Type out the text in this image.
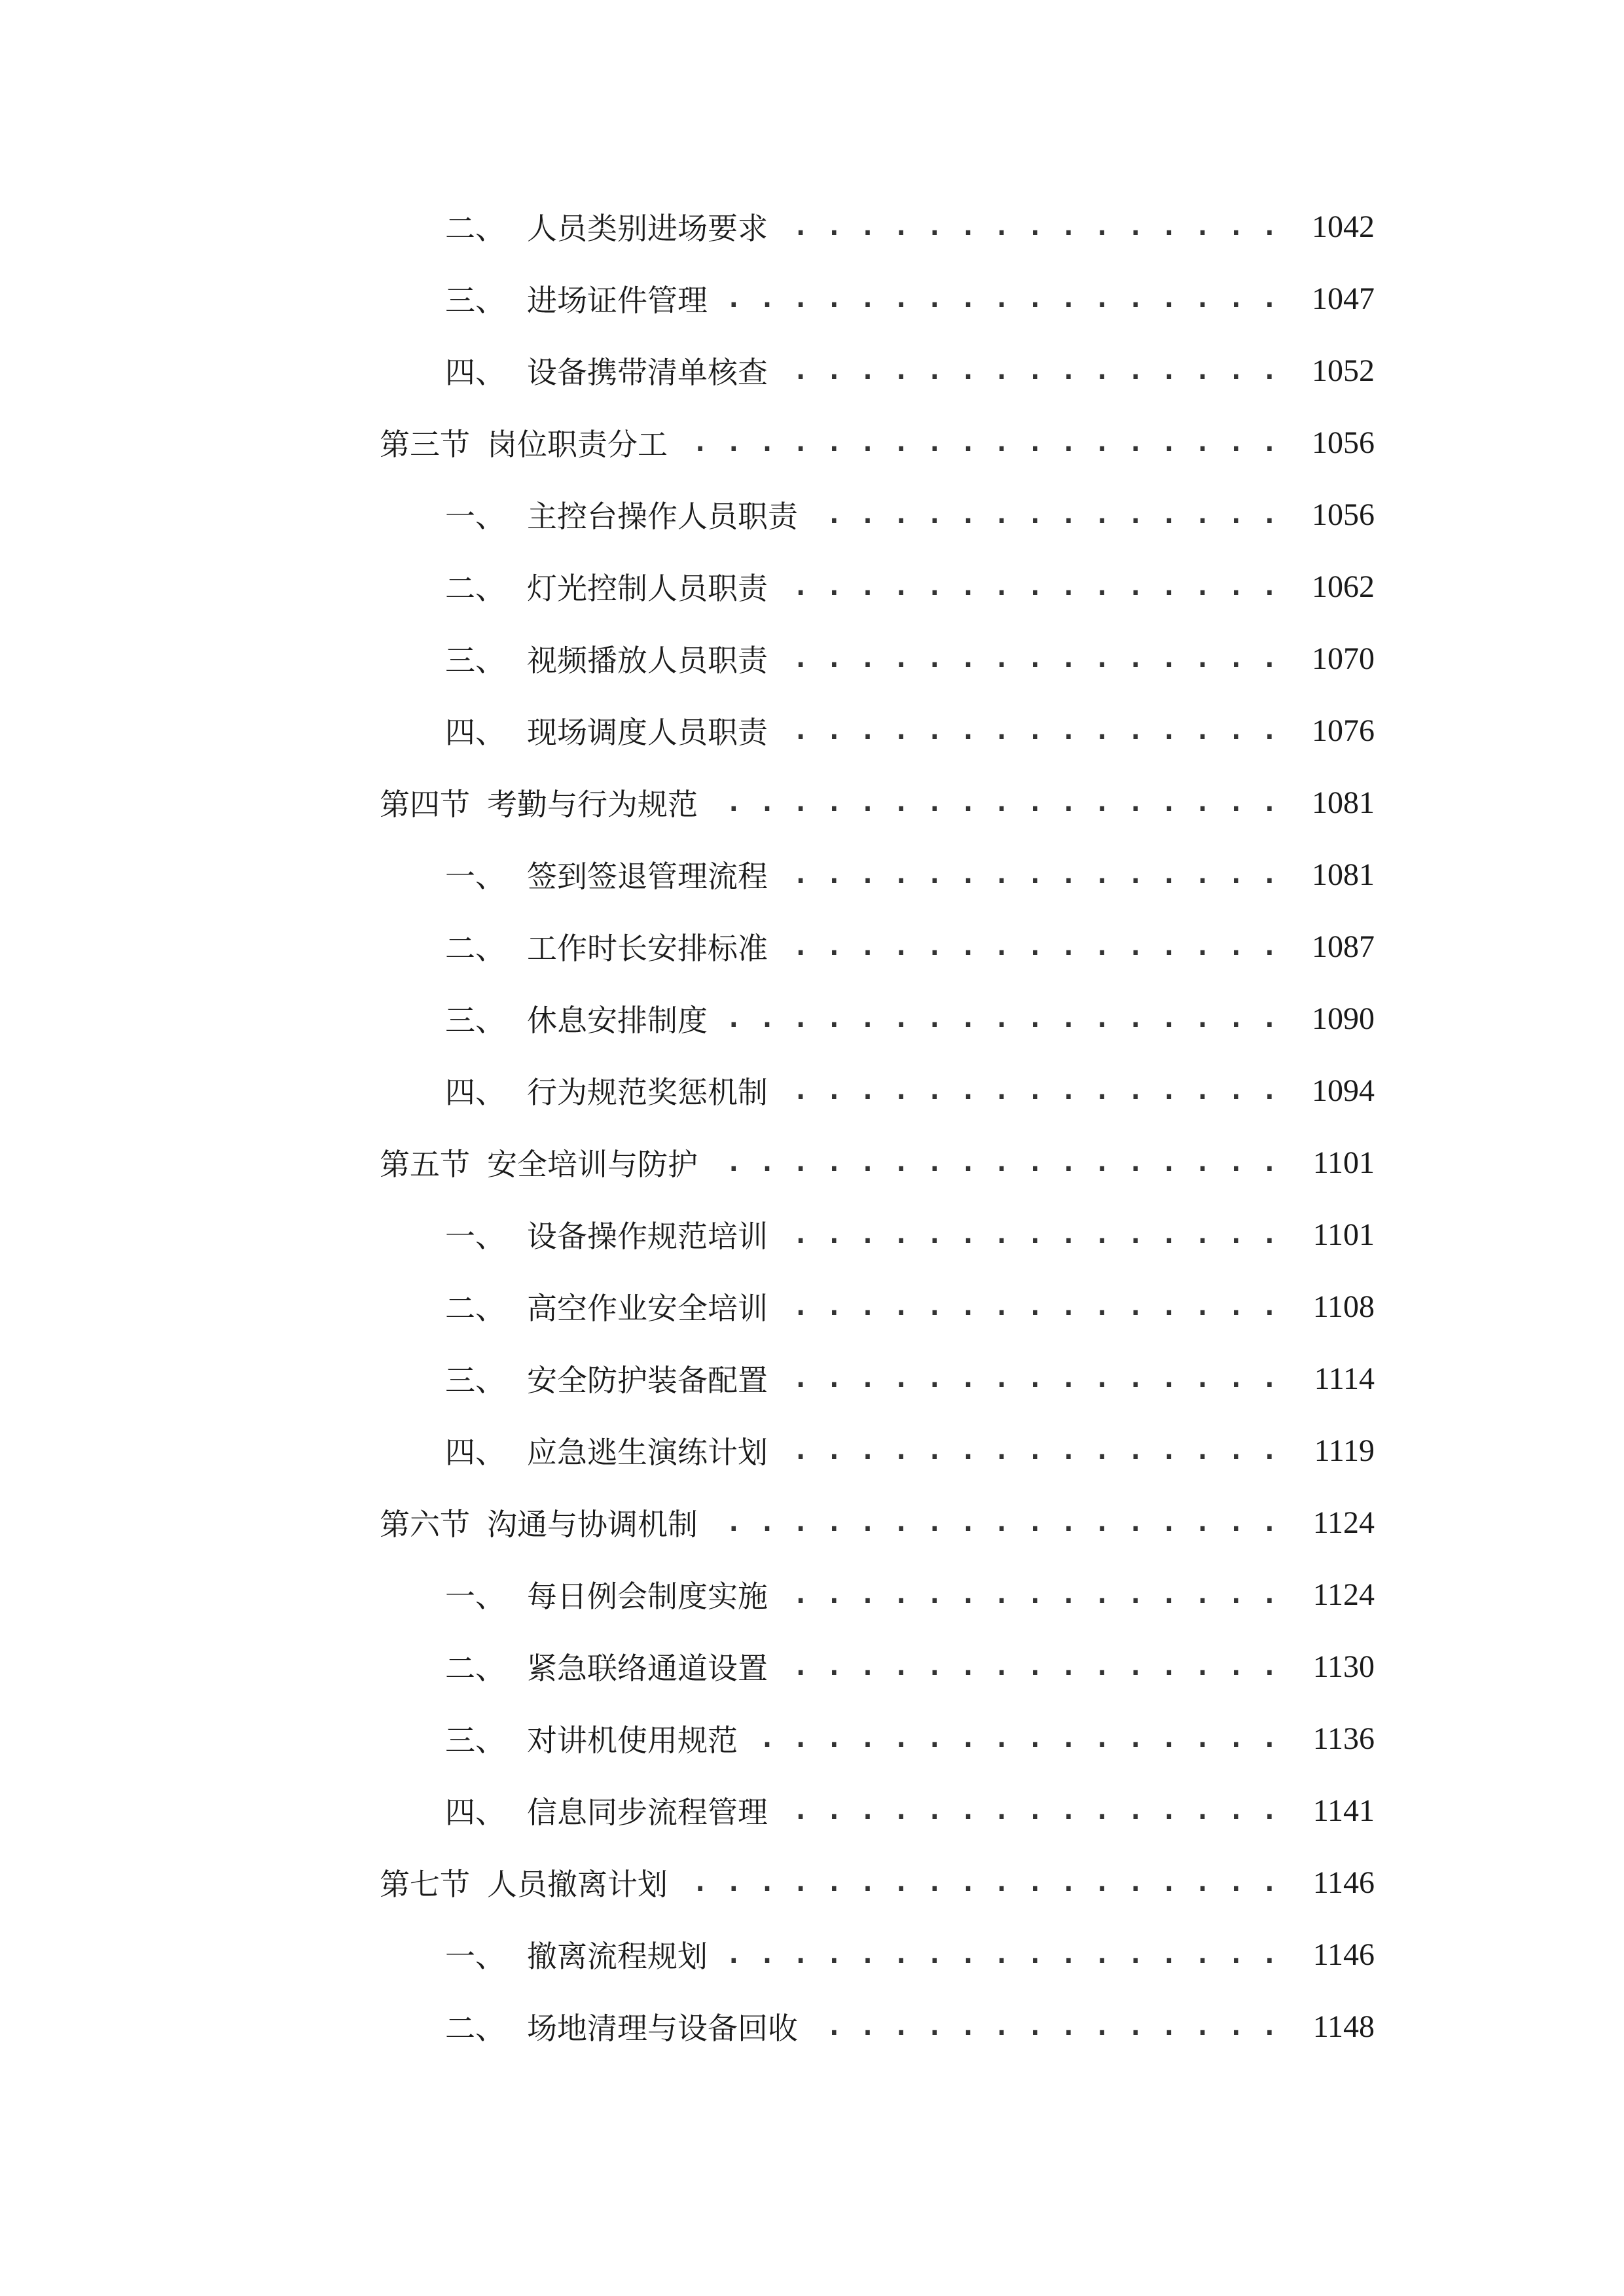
二、 人员类别进场要求 . . .	1042
三、 进场证件管理 . . .	1047
四、 设备携带清单核查 . . .	1052
第三节 岗位职责分工 . . .	1056
一、 主控台操作人员职责 . . .	1056
二、 灯光控制人员职责 . . .	1062
三、 视频播放人员职责 . . .	1070
四、 现场调度人员职责 . . .	1076
第四节 考勤与行为规范 . . .	1081
一、 签到签退管理流程 . . .	1081
二、 工作时长安排标准 . . .	1087
三、 休息安排制度 . . .	1090
四、 行为规范奖惩机制 . . .	1094
第五节 安全培训与防护 . . .	1101
一、 设备操作规范培训 . . .	1101
二、 高空作业安全培训 . . .	1108
三、 安全防护装备配置 . . .	1114
四、 应急逃生演练计划 . . .	1119
第六节 沟通与协调机制 . . .	1124
一、 每日例会制度实施 . . .	1124
二、 紧急联络通道设置 . . .	1130
三、 对讲机使用规范 . . .	1136
四、 信息同步流程管理 . . .	1141
第七节 人员撤离计划 . . .	1146
一、 撤离流程规划 . . .	1146
二、 场地清理与设备回收 . . .	1148
